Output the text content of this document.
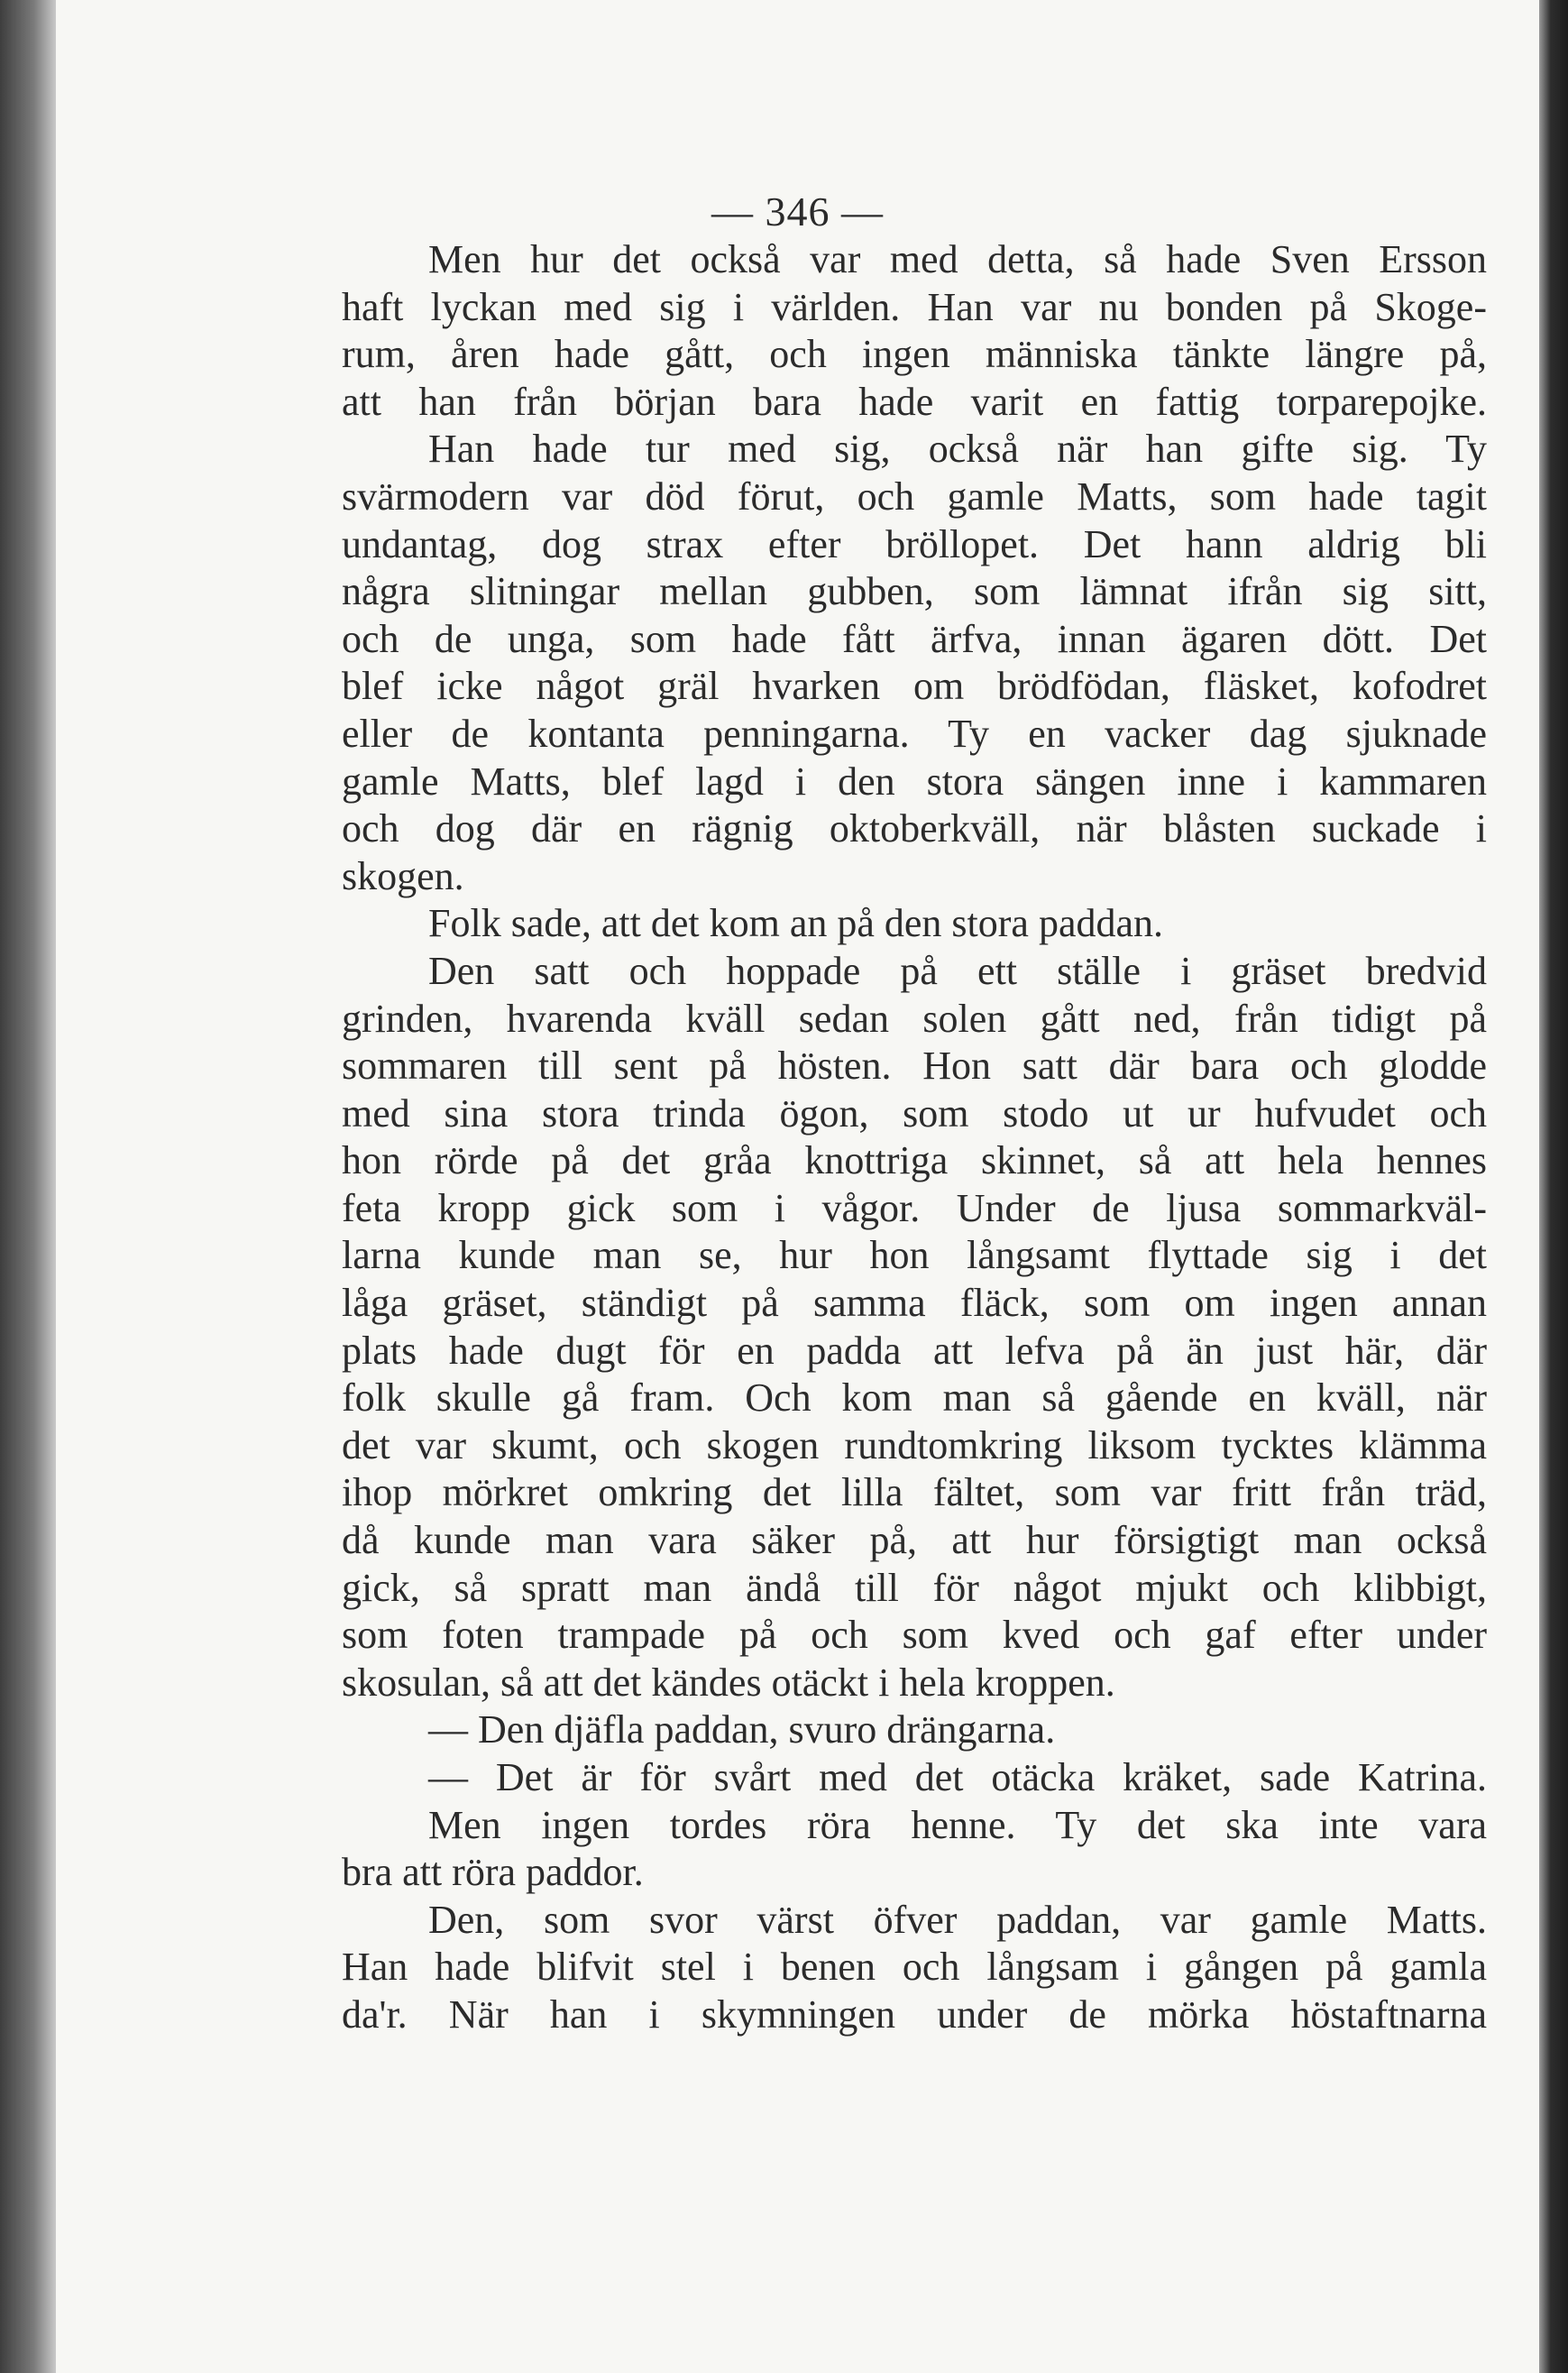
— 346 —
Men hur det också var med detta, så hade Sven Ersson
haft lyckan med sig i världen. Han var nu bonden på Skoge-
rum, åren hade gått, och ingen människa tänkte längre på,
att han från början bara hade varit en fattig torparepojke.
Han hade tur med sig, också när han gifte sig. Ty
svärmodern var död förut, och gamle Matts, som hade tagit
undantag, dog strax efter bröllopet. Det hann aldrig bli
några slitningar mellan gubben, som lämnat ifrån sig sitt,
och de unga, som hade fått ärfva, innan ägaren dött. Det
blef icke något gräl hvarken om brödfödan, fläsket, kofodret
eller de kontanta penningarna. Ty en vacker dag sjuknade
gamle Matts, blef lagd i den stora sängen inne i kammaren
och dog där en rägnig oktoberkväll, när blåsten suckade i
skogen.
Folk sade, att det kom an på den stora paddan.
Den satt och hoppade på ett ställe i gräset bredvid
grinden, hvarenda kväll sedan solen gått ned, från tidigt på
sommaren till sent på hösten. Hon satt där bara och glodde
med sina stora trinda ögon, som stodo ut ur hufvudet och
hon rörde på det gråa knottriga skinnet, så att hela hennes
feta kropp gick som i vågor. Under de ljusa sommarkväl-
larna kunde man se, hur hon långsamt flyttade sig i det
låga gräset, ständigt på samma fläck, som om ingen annan
plats hade dugt för en padda att lefva på än just här, där
folk skulle gå fram. Och kom man så gående en kväll, när
det var skumt, och skogen rundtomkring liksom tycktes klämma
ihop mörkret omkring det lilla fältet, som var fritt från träd,
då kunde man vara säker på, att hur försigtigt man också
gick, så spratt man ändå till för något mjukt och klibbigt,
som foten trampade på och som kved och gaf efter under
skosulan, så att det kändes otäckt i hela kroppen.
— Den djäfla paddan, svuro drängarna.
— Det är för svårt med det otäcka kräket, sade Katrina.
Men ingen tordes röra henne. Ty det ska inte vara
bra att röra paddor.
Den, som svor värst öfver paddan, var gamle Matts.
Han hade blifvit stel i benen och långsam i gången på gamla
da'r. När han i skymningen under de mörka höstaftnarna
